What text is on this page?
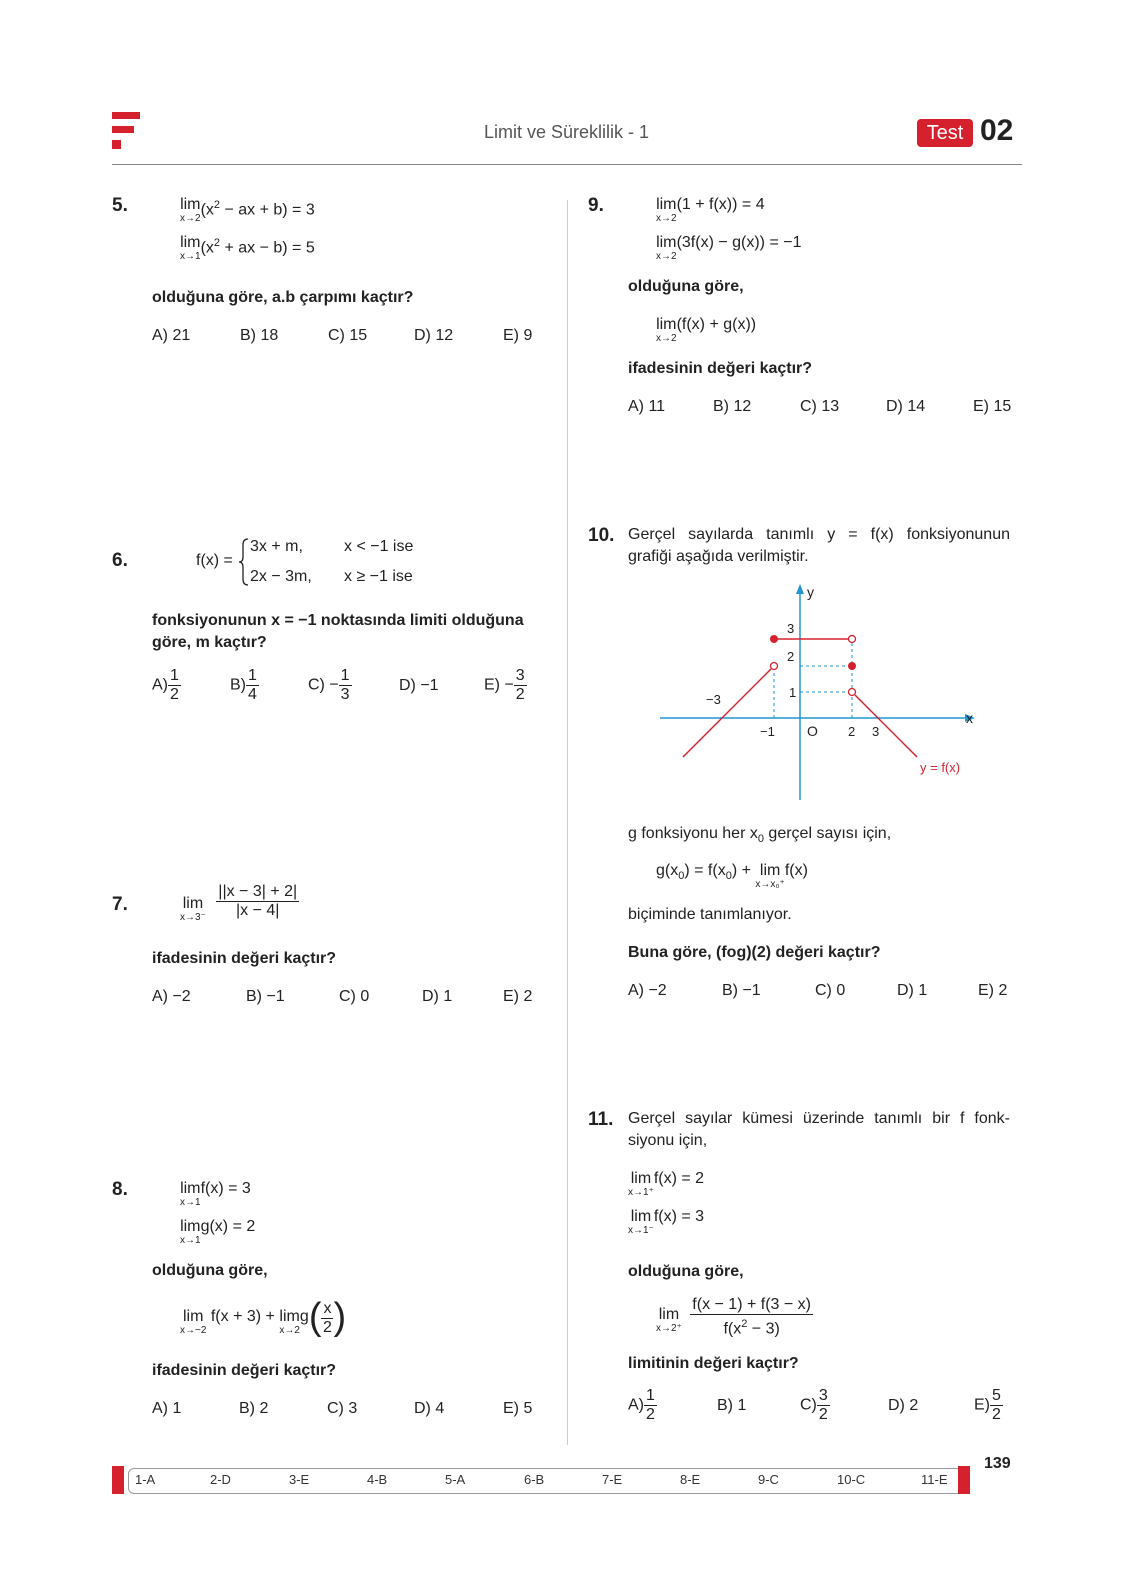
Limit ve Süreklilik - 1	Test 02
5.	lim
x→2
($x^2$ − ax + b) = 3
lim
x→1
($x^2$ + ax − b) = 5
olduğuna göre, a.b çarpımı kaçtır?
A) 21	B) 18	C) 15	D) 12	E) 9
6.	f(x) =
3x + m,	x < −1 ise
2x − 3m, x ≥ −1 ise
fonksiyonunun x = −1 noktasında limiti olduğuna
göre, m kaçtır?
$A) \frac{1}{2}$	$B) \frac{1}{4}$	$C) - \frac{1}{3}$	D) −1	$E) - \frac{3}{2}$
7.	lim
x→3⁻
$\frac{||x - 3| + 2|}{|x - 4|}$
ifadesinin değeri kaçtır?
A) −2	B) −1	C) 0	D) 1	E) 2
8.	lim
x→1
f(x) = 3
lim
x→1
g(x) = 2
olduğuna göre,
lim
x→−2
f(x + 3) + lim
x→2
$g( \frac{x}{2}$ )
ifadesinin değeri kaçtır?
A) 1	B) 2	C) 3	D) 4	E) 5
9.	lim
x→2
(1 + f(x)) = 4
lim
x→2
(3f(x) − g(x)) = −1
olduğuna göre,
lim
x→2
(f(x) + g(x))
ifadesinin değeri kaçtır?
A) 11	B) 12	C) 13	D) 14	E) 15
10. Gerçel sayılarda tanımlı y = f(x) fonksiyonunun
grafiği aşağıda verilmiştir.
y
x
3
2
1
−3
−1 O 2 3
y = f(x)
g fonksiyonu her $x_0$ gerçel sayısı için,
$g(x_0) = f(x_0) + \lim$
x→x₀⁺
f(x)
biçiminde tanımlanıyor.
Buna göre, (fog)(2) değeri kaçtır?
A) −2	B) −1	C) 0	D) 1	E) 2
11. Gerçel sayılar kümesi üzerinde tanımlı bir f fonk-
siyonu için,
lim
x→1⁺
f(x) = 2
lim
x→1⁻
f(x) = 3
olduğuna göre,
lim
x→2⁺
$\frac{f(x - 1) + f(3 - x)}{f(x^2 - 3)}$
limitinin değeri kaçtır?
$A) \frac{1}{2}$	B) 1	$C) \frac{3}{2}$	D) 2	$E) \frac{5}{2}$
1-A	2-D	3-E	4-B	5-A	6-B	7-E	8-E	9-C	10-C	11-E
139
